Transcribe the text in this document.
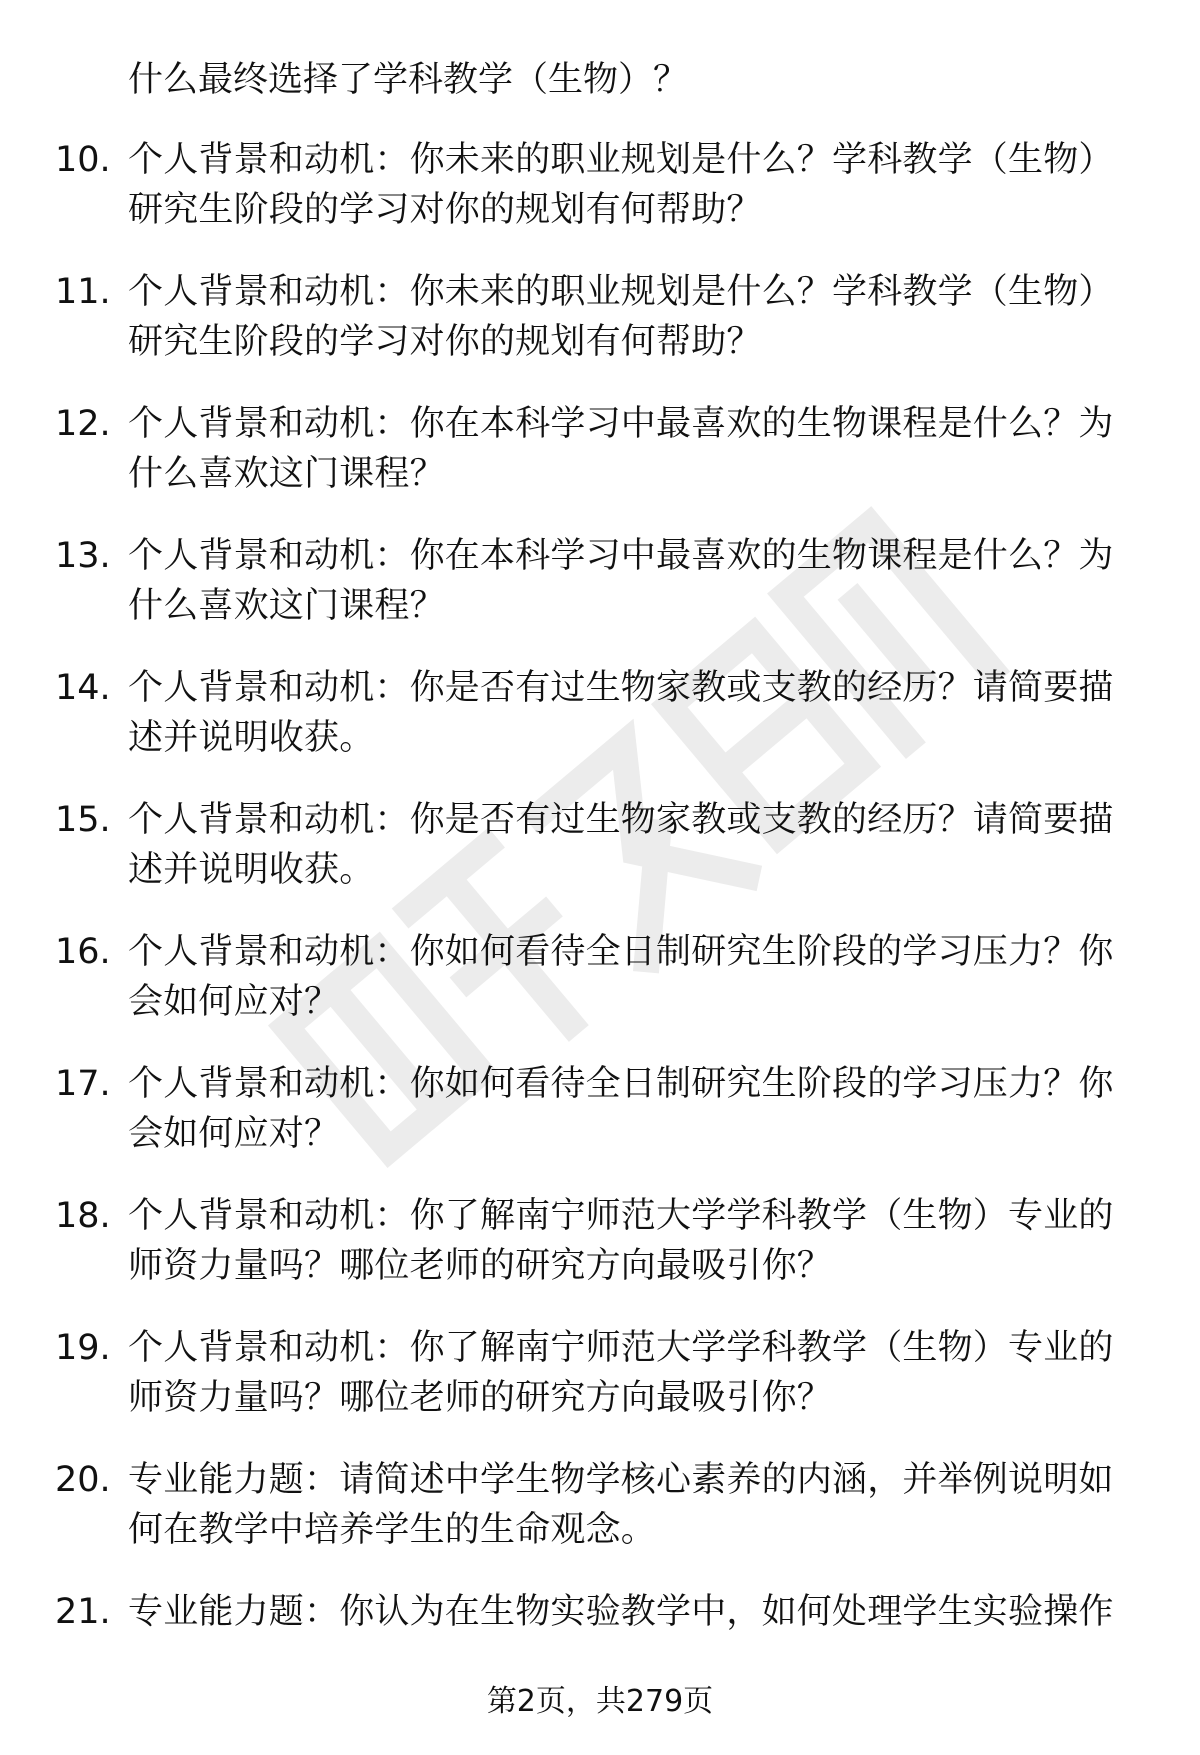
什么最终选择了学科教学（生物）？
10. 个人背景和动机：你未来的职业规划是什么？学科教学（生物）
研究生阶段的学习对你的规划有何帮助？
11. 个人背景和动机：你未来的职业规划是什么？学科教学（生物）
研究生阶段的学习对你的规划有何帮助？
12. 个人背景和动机：你在本科学习中最喜欢的生物课程是什么？为
什么喜欢这门课程？
13. 个人背景和动机：你在本科学习中最喜欢的生物课程是什么？为
什么喜欢这门课程？
14. 个人背景和动机：你是否有过生物家教或支教的经历？请简要描
述并说明收获。
15. 个人背景和动机：你是否有过生物家教或支教的经历？请简要描
述并说明收获。
16. 个人背景和动机：你如何看待全日制研究生阶段的学习压力？你
会如何应对？
17. 个人背景和动机：你如何看待全日制研究生阶段的学习压力？你
会如何应对？
18. 个人背景和动机：你了解南宁师范大学学科教学（生物）专业的
师资力量吗？哪位老师的研究方向最吸引你？
19. 个人背景和动机：你了解南宁师范大学学科教学（生物）专业的
师资力量吗？哪位老师的研究方向最吸引你？
20. 专业能力题：请简述中学生物学核心素养的内涵，并举例说明如
何在教学中培养学生的生命观念。
21. 专业能力题：你认为在生物实验教学中，如何处理学生实验操作
第2页，共279页
